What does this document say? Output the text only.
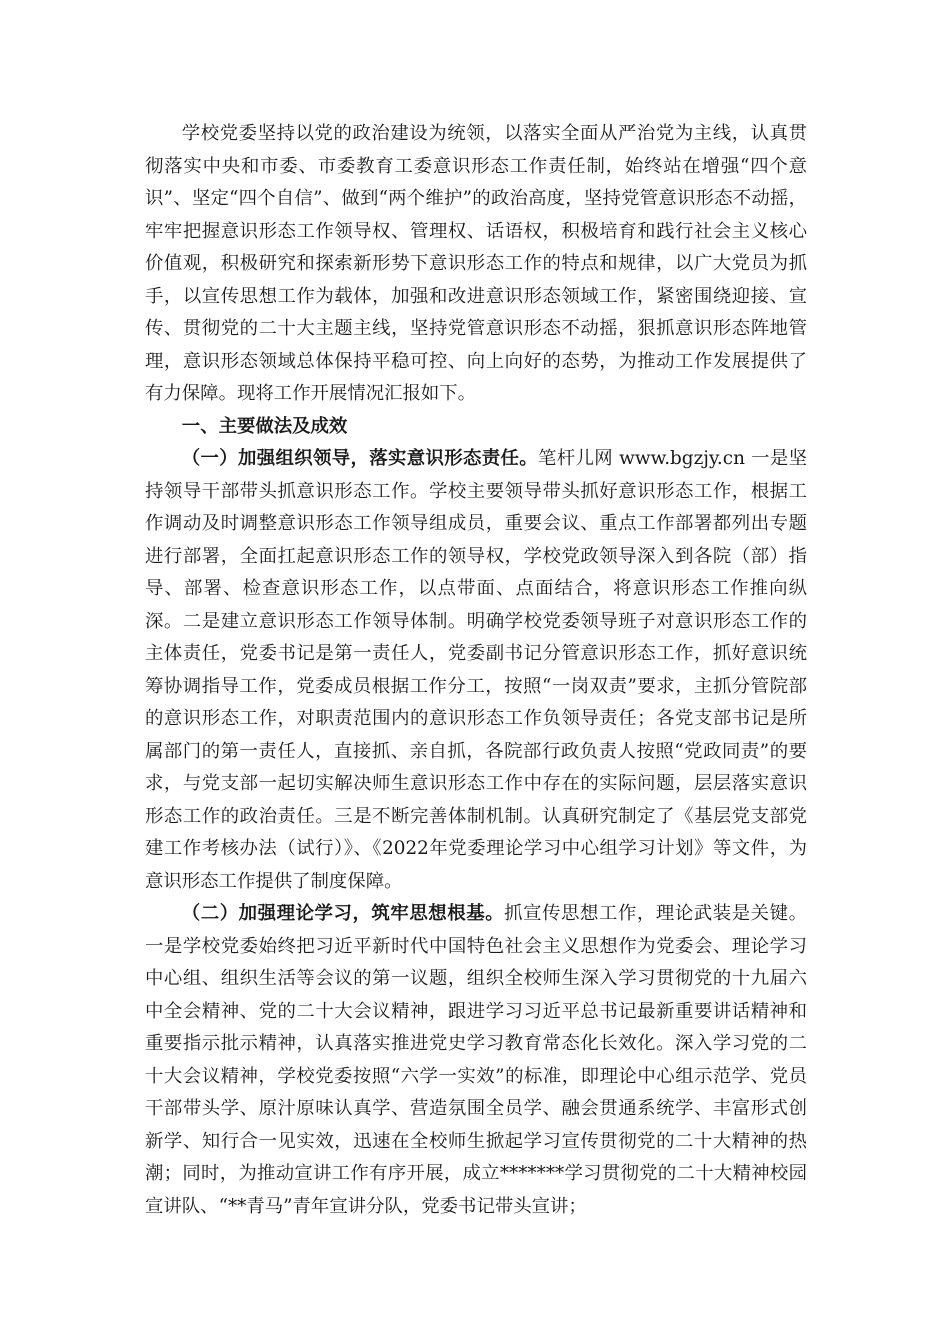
学校党委坚持以党的政治建设为统领，以落实全面从严治党为主线，认真贯彻落实中央和市委、市委教育工委意识形态工作责任制，始终站在增强“四个意识”、坚定“四个自信”、做到“两个维护”的政治高度，坚持党管意识形态不动摇，牢牢把握意识形态工作领导权、管理权、话语权，积极培育和践行社会主义核心价值观，积极研究和探索新形势下意识形态工作的特点和规律，以广大党员为抓手，以宣传思想工作为载体，加强和改进意识形态领域工作，紧密围绕迎接、宣传、贯彻党的二十大主题主线，坚持党管意识形态不动摇，狠抓意识形态阵地管理，意识形态领域总体保持平稳可控、向上向好的态势，为推动工作发展提供了有力保障。现将工作开展情况汇报如下。

一、主要做法及成效

（一）加强组织领导，落实意识形态责任。笔杆儿网 www.bgzjy.cn 一是坚持领导干部带头抓意识形态工作。学校主要领导带头抓好意识形态工作，根据工作调动及时调整意识形态工作领导组成员，重要会议、重点工作部署都列出专题进行部署，全面扛起意识形态工作的领导权，学校党政领导深入到各院（部）指导、部署、检查意识形态工作，以点带面、点面结合，将意识形态工作推向纵深。二是建立意识形态工作领导体制。明确学校党委领导班子对意识形态工作的主体责任，党委书记是第一责任人，党委副书记分管意识形态工作，抓好意识统筹协调指导工作，党委成员根据工作分工，按照“一岗双责”要求，主抓分管院部的意识形态工作，对职责范围内的意识形态工作负领导责任；各党支部书记是所属部门的第一责任人，直接抓、亲自抓，各院部行政负责人按照“党政同责”的要求，与党支部一起切实解决师生意识形态工作中存在的实际问题，层层落实意识形态工作的政治责任。三是不断完善体制机制。认真研究制定了《基层党支部党建工作考核办法（试行）》、《2022年党委理论学习中心组学习计划》等文件，为意识形态工作提供了制度保障。

（二）加强理论学习，筑牢思想根基。抓宣传思想工作，理论武装是关键。一是学校党委始终把习近平新时代中国特色社会主义思想作为党委会、理论学习中心组、组织生活等会议的第一议题，组织全校师生深入学习贯彻党的十九届六中全会精神、党的二十大会议精神，跟进学习习近平总书记最新重要讲话精神和重要指示批示精神，认真落实推进党史学习教育常态化长效化。深入学习党的二十大会议精神，学校党委按照“六学一实效”的标准，即理论中心组示范学、党员干部带头学、原汁原味认真学、营造氛围全员学、融会贯通系统学、丰富形式创新学、知行合一见实效，迅速在全校师生掀起学习宣传贯彻党的二十大精神的热潮；同时，为推动宣讲工作有序开展，成立*******学习贯彻党的二十大精神校园宣讲队、“**青马”青年宣讲分队，党委书记带头宣讲；
